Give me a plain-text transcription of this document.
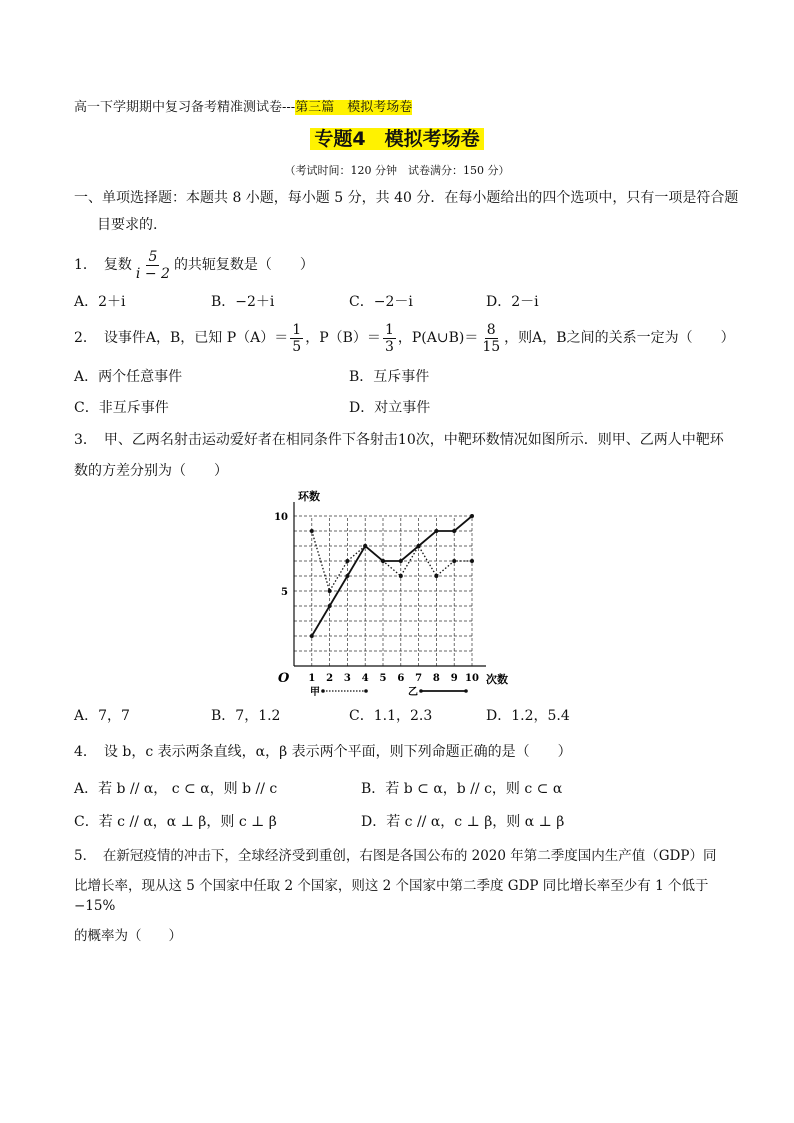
高一下学期期中复习备考精准测试卷---第三篇　模拟考场卷
专题4　模拟考场卷
（考试时间：120 分钟　试卷满分：150 分）
一、单项选择题：本题共 8 小题，每小题 5 分，共 40 分．在每小题给出的四个选项中，只有一项是符合题
目要求的.
1．　复数 $\frac{5}{i - 2}$ 的共轭复数是（　　）
A．2＋i	B．−2＋i	C．−2－i	D．2－i
2．　设事件A，B，已知 $P(A)= \frac{1}{5}$ ，$P(B)= \frac{1}{3}$ ，P(A∪B)＝ $\frac{8}{15}$ ，则A，B之间的关系一定为（　　）
A．两个任意事件	B．互斥事件
C．非互斥事件	D．对立事件
3．　甲、乙两名射击运动爱好者在相同条件下各射击10次，中靶环数情况如图所示．则甲、乙两人中靶环
数的方差分别为（　　）
环数
次数
O 1 2 3 4 5 6 7 8 9 10
5
10
甲	乙
A．7，7	B．7，1.2	C．1.1，2.3	D．1.2，5.4
4．　设 b，c 表示两条直线，α，β 表示两个平面，则下列命题正确的是（　　）
A．若 b // α， c ⊂ α，则 b // c	B．若 b ⊂ α，b // c，则 c ⊂ α
C．若 c // α，α ⊥ β，则 c ⊥ β	D．若 c // α，c ⊥ β，则 α ⊥ β
5．　在新冠疫情的冲击下，全球经济受到重创，右图是各国公布的 2020 年第二季度国内生产值（GDP）同
比增长率，现从这 5 个国家中任取 2 个国家，则这 2 个国家中第二季度 GDP 同比增长率至少有 1 个低于 −15%
的概率为（　　）
